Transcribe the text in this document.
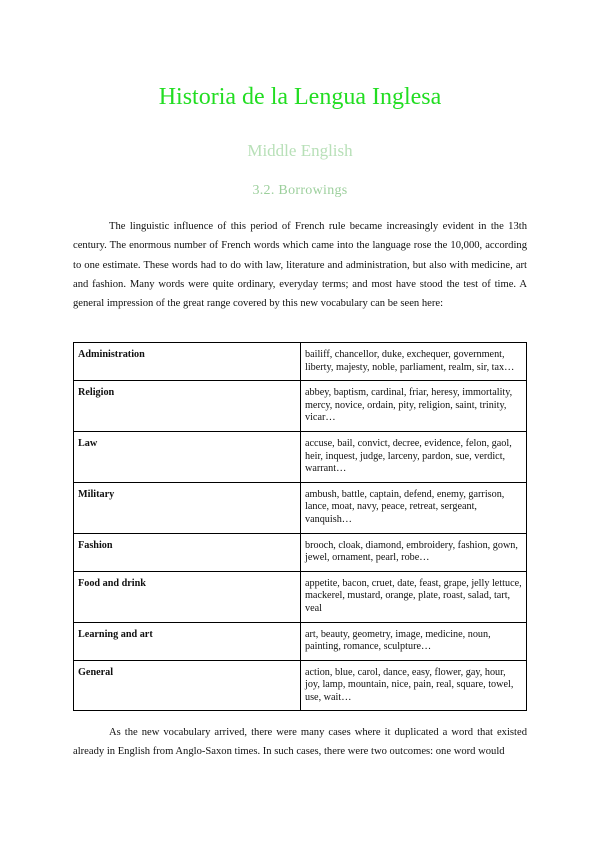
Historia de la Lengua Inglesa
Middle English
3.2. Borrowings

The linguistic influence of this period of French rule became increasingly evident in the 13th century. The enormous number of French words which came into the language rose the 10,000, according to one estimate. These words had to do with law, literature and administration, but also with medicine, art and fashion. Many words were quite ordinary, everyday terms; and most have stood the test of time. A general impression of the great range covered by this new vocabulary can be seen here:

Administration	bailiff, chancellor, duke, exchequer, government, liberty, majesty, noble, parliament, realm, sir, tax…
Religion	abbey, baptism, cardinal, friar, heresy, immortality, mercy, novice, ordain, pity, religion, saint, trinity, vicar…
Law	accuse, bail, convict, decree, evidence, felon, gaol, heir, inquest, judge, larceny, pardon, sue, verdict, warrant…
Military	ambush, battle, captain, defend, enemy, garrison, lance, moat, navy, peace, retreat, sergeant, vanquish…
Fashion	brooch, cloak, diamond, embroidery, fashion, gown, jewel, ornament, pearl, robe…
Food and drink	appetite, bacon, cruet, date, feast, grape, jelly lettuce, mackerel, mustard, orange, plate, roast, salad, tart, veal
Learning and art	art, beauty, geometry, image, medicine, noun, painting, romance, sculpture…
General	action, blue, carol, dance, easy, flower, gay, hour, joy, lamp, mountain, nice, pain, real, square, towel, use, wait…

As the new vocabulary arrived, there were many cases where it duplicated a word that existed already in English from Anglo-Saxon times. In such cases, there were two outcomes: one word would
